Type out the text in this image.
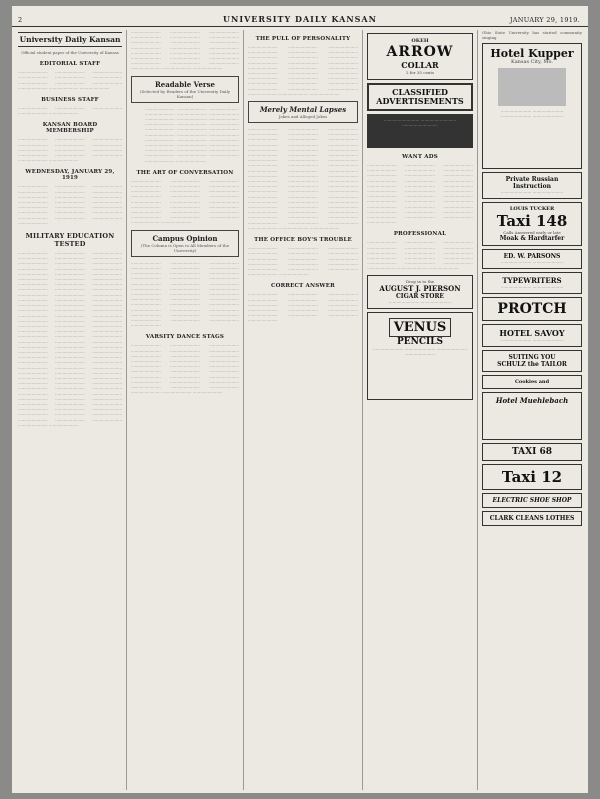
2	UNIVERSITY DAILY KANSAN	JANUARY 29, 1919.
University Daily Kansan

Official student paper of the University of Kansas

EDITORIAL STAFF

························ ························ ························ ························ ························ ························ ························ ························ ························ ························ ························ ························

BUSINESS STAFF

························ ························ ························ ························ ························

KANSAN BOARD MEMBERSHIP

························ ························ ························ ························ ························ ························ ························ ························ ························ ························ ························ ························ ························ ························

WEDNESDAY, JANUARY 29, 1919

························ ························ ························ ························ ························ ························ ························ ························ ························ ························ ························ ························ ························ ························ ························ ························ ························ ························ ························ ························ ························ ························

MILITARY EDUCATION TESTED

························ ························ ························ ························ ························ ························ ························ ························ ························ ························ ························ ························ ························ ························ ························ ························ ························ ························ ························ ························ ························ ························ ························ ························ ························ ························ ························ ························ ························ ························ ························ ························ ························ ························ ························ ························ ························ ························ ························ ························ ························ ························ ························ ························ ························ ························ ························ ························ ························ ························ ························ ························ ························ ························ ························ ························ ························ ························ ························ ························ ························ ························ ························ ························ ························ ························ ························ ························ ························ ························ ························ ························ ························ ························ ························ ························ ························ ························ ························ ························ ························ ························ ························ ························ ························ ························ ························ ························ ························ ························ ························ ························ ························ ························ ························ ························ ························ ························ ························ ························ ························

························ ························ ························ ························ ························ ························ ························ ························ ························ ························ ························ ························ ························ ························ ························ ························ ························ ························ ························ ························ ························ ························ ························ ························

Readable Verse
(Selected by Readers of the University Daily Kansan)

························ ························ ························ ························ ························ ························ ························ ························ ························ ························ ························ ························ ························ ························ ························ ························ ························ ························ ························ ························ ························ ························ ························ ························ ························ ························ ························ ························ ························ ························ ························ ························

THE ART OF CONVERSATION

························ ························ ························ ························ ························ ························ ························ ························ ························ ························ ························ ························ ························ ························ ························ ························ ························ ························ ························ ························ ························ ························ ························ ························ ························ ························

Campus Opinion
(The Column is Open to All Members of the University)

························ ························ ························ ························ ························ ························ ························ ························ ························ ························ ························ ························ ························ ························ ························ ························ ························ ························ ························ ························ ························ ························ ························ ························ ························ ························ ························ ························ ························ ························ ························ ························ ························ ························ ························ ························ ························

VARSITY DANCE STAGS

························ ························ ························ ························ ························ ························ ························ ························ ························ ························ ························ ························ ························ ························ ························ ························ ························ ························ ························ ························ ························ ························ ························ ························ ························ ························ ························ ························ ························ ························

THE PULL OF PERSONALITY

························ ························ ························ ························ ························ ························ ························ ························ ························ ························ ························ ························ ························ ························ ························ ························ ························ ························ ························ ························ ························ ························ ························ ························ ························ ························ ························ ························ ························ ························

Merely Mental Lapses
Jokes and Alleged Jokes

························ ························ ························ ························ ························ ························ ························ ························ ························ ························ ························ ························ ························ ························ ························ ························ ························ ························ ························ ························ ························ ························ ························ ························ ························ ························ ························ ························ ························ ························ ························ ························ ························ ························ ························ ························ ························ ························ ························ ························ ························ ························ ························ ························ ························ ························ ························ ························ ························ ························ ························ ························ ························ ························ ························ ························ ························ ························ ························ ························

THE OFFICE BOY'S TROUBLE

························ ························ ························ ························ ························ ························ ························ ························ ························ ························ ························ ························ ························ ························ ························ ························ ························

CORRECT ANSWER

························ ························ ························ ························ ························ ························ ························ ························ ························ ························ ························ ························ ························ ························ ························ ························

OKEH
ARROW
COLLAR
2 for 35 cents
CLASSIFIED ADVERTISEMENTS
···························· ···························· ····························
WANT ADS

························ ························ ························ ························ ························ ························ ························ ························ ························ ························ ························ ························ ························ ························ ························ ························ ························ ························ ························ ························ ························ ························ ························ ························ ························ ························ ························ ························ ························ ························ ························ ························ ························ ························

PROFESSIONAL

························ ························ ························ ························ ························ ························ ························ ························ ························ ························ ························ ························ ························ ························ ························ ························ ························ ························

Drop in to the
AUGUST J. PIERSON
CIGAR STORE
························ ························
VENUS
PENCILS
························ ························ ························ ························

Ohio State University has started community singing

Hotel Kupper
Kansas City, Mo.
························ ························ ························ ························
Private Russian Instruction
························ ························
LOUIS TUCKER
Taxi 148
Calls Answered early or late
Moak & Hardtarfer
ED. W. PARSONS
························ ························
TYPEWRITERS
························ ························
PROTCH
HOTEL SAVOY
························ ························
SUITING YOU
SCHULZ the TAILOR
Cookies and
Hotel Muehlebach
TAXI 68
Taxi 12
ELECTRIC SHOE SHOP
CLARK CLEANS LOTHES
